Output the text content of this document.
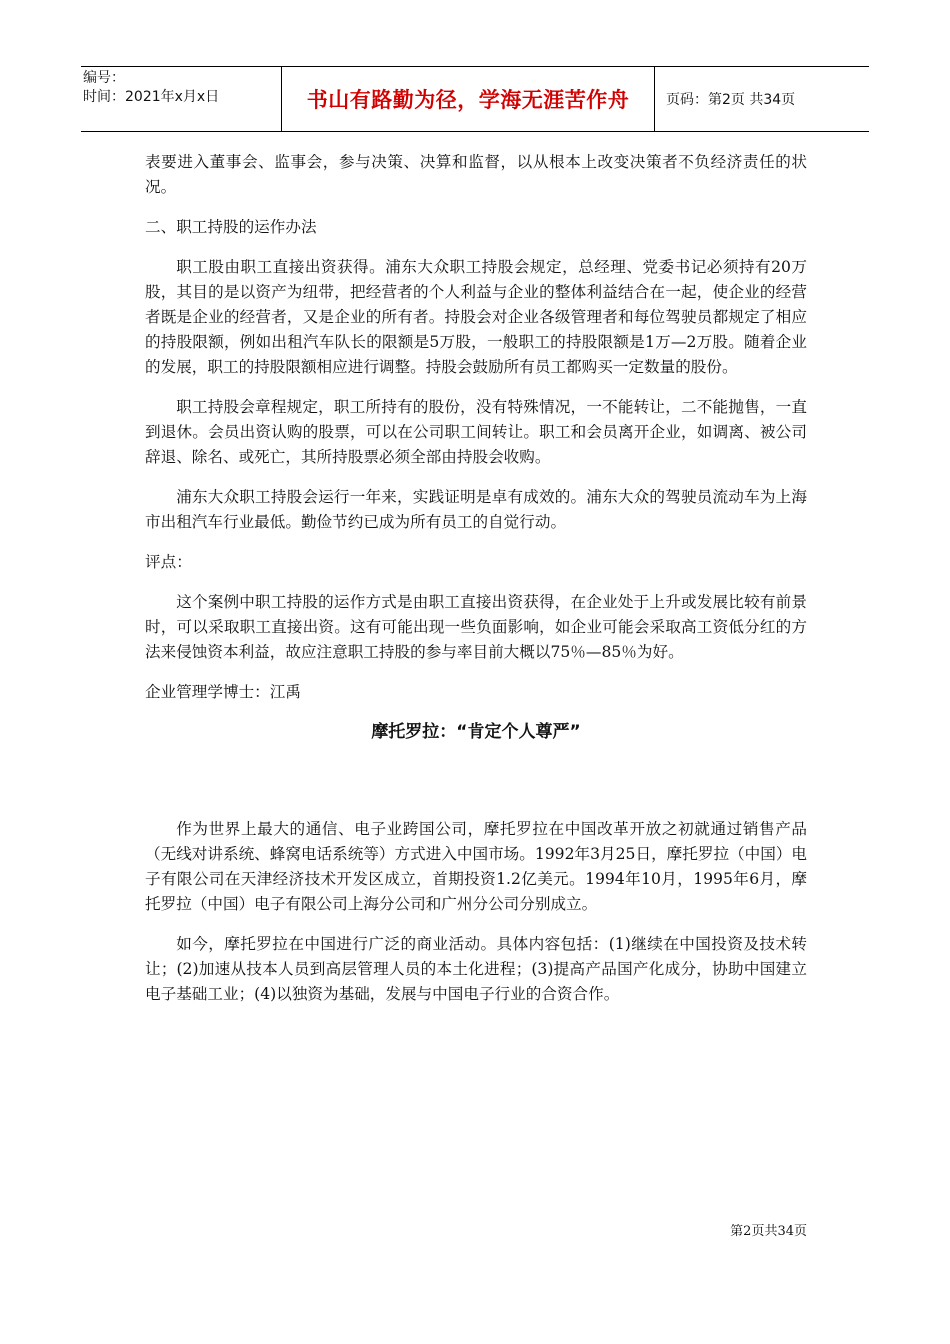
编号：
时间：2021年x月x日	书山有路勤为径，学海无涯苦作舟	页码：第2页 共34页

表要进入董事会、监事会，参与决策、决算和监督，以从根本上改变决策者不负经济责任的状况。

二、职工持股的运作办法

职工股由职工直接出资获得。浦东大众职工持股会规定，总经理、党委书记必须持有20万股，其目的是以资产为纽带，把经营者的个人利益与企业的整体利益结合在一起，使企业的经营者既是企业的经营者，又是企业的所有者。持股会对企业各级管理者和每位驾驶员都规定了相应的持股限额，例如出租汽车队长的限额是5万股，一般职工的持股限额是1万—2万股。随着企业的发展，职工的持股限额相应进行调整。持股会鼓励所有员工都购买一定数量的股份。

职工持股会章程规定，职工所持有的股份，没有特殊情况，一不能转让，二不能抛售，一直到退休。会员出资认购的股票，可以在公司职工间转让。职工和会员离开企业，如调离、被公司辞退、除名、或死亡，其所持股票必须全部由持股会收购。

浦东大众职工持股会运行一年来，实践证明是卓有成效的。浦东大众的驾驶员流动车为上海市出租汽车行业最低。勤俭节约已成为所有员工的自觉行动。

评点：

这个案例中职工持股的运作方式是由职工直接出资获得，在企业处于上升或发展比较有前景时，可以采取职工直接出资。这有可能出现一些负面影响，如企业可能会采取高工资低分红的方法来侵蚀资本利益，故应注意职工持股的参与率目前大概以75％—85％为好。

企业管理学博士：江禹

摩托罗拉：“肯定个人尊严”

作为世界上最大的通信、电子业跨国公司，摩托罗拉在中国改革开放之初就通过销售产品（无线对讲系统、蜂窝电话系统等）方式进入中国市场。1992年3月25日，摩托罗拉（中国）电子有限公司在天津经济技术开发区成立，首期投资1.2亿美元。1994年10月，1995年6月，摩托罗拉（中国）电子有限公司上海分公司和广州分公司分别成立。

如今，摩托罗拉在中国进行广泛的商业活动。具体内容包括：(1)继续在中国投资及技术转让；(2)加速从技本人员到高层管理人员的本土化进程；(3)提高产品国产化成分，协助中国建立电子基础工业；(4)以独资为基础，发展与中国电子行业的合资合作。

第2页共34页
